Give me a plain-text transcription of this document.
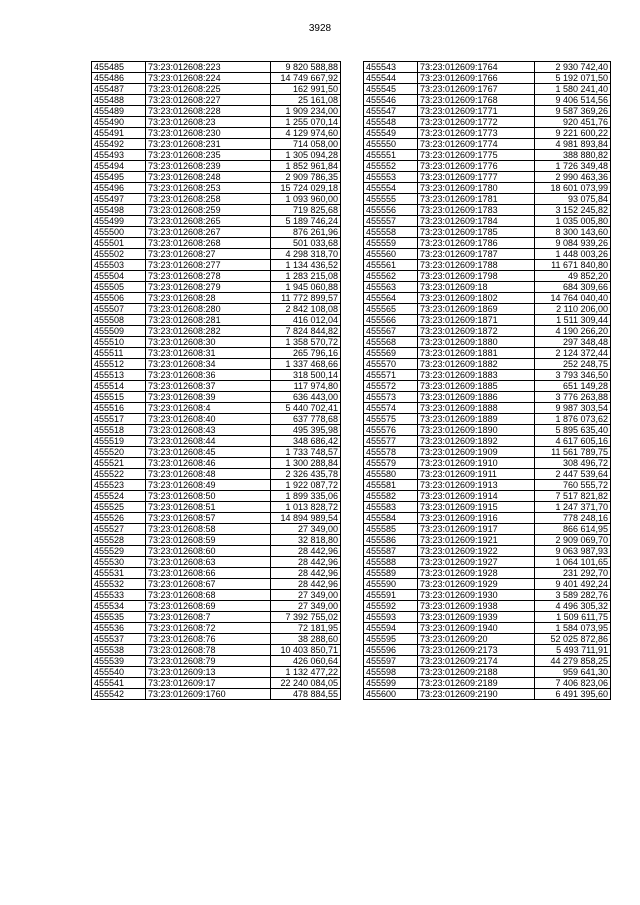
3928
455485	73:23:012608:223	9 820 588,88
455486	73:23:012608:224	14 749 667,92
455487	73:23:012608:225	162 991,50
455488	73:23:012608:227	25 161,08
455489	73:23:012608:228	1 909 234,00
455490	73:23:012608:23	1 255 070,14
455491	73:23:012608:230	4 129 974,60
455492	73:23:012608:231	714 058,00
455493	73:23:012608:235	1 305 094,28
455494	73:23:012608:239	1 852 961,84
455495	73:23:012608:248	2 909 786,35
455496	73:23:012608:253	15 724 029,18
455497	73:23:012608:258	1 093 960,00
455498	73:23:012608:259	719 825,68
455499	73:23:012608:265	5 189 746,24
455500	73:23:012608:267	876 261,96
455501	73:23:012608:268	501 033,68
455502	73:23:012608:27	4 298 318,70
455503	73:23:012608:277	1 134 436,52
455504	73:23:012608:278	1 283 215,08
455505	73:23:012608:279	1 945 060,88
455506	73:23:012608:28	11 772 899,57
455507	73:23:012608:280	2 842 108,08
455508	73:23:012608:281	416 012,04
455509	73:23:012608:282	7 824 844,82
455510	73:23:012608:30	1 358 570,72
455511	73:23:012608:31	265 796,16
455512	73:23:012608:34	1 337 468,66
455513	73:23:012608:36	318 500,14
455514	73:23:012608:37	117 974,80
455515	73:23:012608:39	636 443,00
455516	73:23:012608:4	5 440 702,41
455517	73:23:012608:40	637 778,68
455518	73:23:012608:43	495 395,98
455519	73:23:012608:44	348 686,42
455520	73:23:012608:45	1 733 748,57
455521	73:23:012608:46	1 300 288,84
455522	73:23:012608:48	2 326 435,78
455523	73:23:012608:49	1 922 087,72
455524	73:23:012608:50	1 899 335,06
455525	73:23:012608:51	1 013 828,72
455526	73:23:012608:57	14 894 989,54
455527	73:23:012608:58	27 349,00
455528	73:23:012608:59	32 818,80
455529	73:23:012608:60	28 442,96
455530	73:23:012608:63	28 442,96
455531	73:23:012608:66	28 442,96
455532	73:23:012608:67	28 442,96
455533	73:23:012608:68	27 349,00
455534	73:23:012608:69	27 349,00
455535	73:23:012608:7	7 392 755,02
455536	73:23:012608:72	72 181,95
455537	73:23:012608:76	38 288,60
455538	73:23:012608:78	10 403 850,71
455539	73:23:012608:79	426 060,64
455540	73:23:012609:13	1 132 477,22
455541	73:23:012609:17	22 240 084,05
455542	73:23:012609:1760	478 884,55
455543	73:23:012609:1764	2 930 742,40
455544	73:23:012609:1766	5 192 071,50
455545	73:23:012609:1767	1 580 241,40
455546	73:23:012609:1768	9 406 514,56
455547	73:23:012609:1771	9 587 369,26
455548	73:23:012609:1772	920 451,76
455549	73:23:012609:1773	9 221 600,22
455550	73:23:012609:1774	4 981 893,84
455551	73:23:012609:1775	388 880,82
455552	73:23:012609:1776	1 726 349,48
455553	73:23:012609:1777	2 990 463,36
455554	73:23:012609:1780	18 601 073,99
455555	73:23:012609:1781	93 075,84
455556	73:23:012609:1783	3 152 245,82
455557	73:23:012609:1784	1 035 005,80
455558	73:23:012609:1785	8 300 143,60
455559	73:23:012609:1786	9 084 939,26
455560	73:23:012609:1787	1 448 003,26
455561	73:23:012609:1788	11 671 840,80
455562	73:23:012609:1798	49 852,20
455563	73:23:012609:18	684 309,66
455564	73:23:012609:1802	14 764 040,40
455565	73:23:012609:1869	2 110 206,00
455566	73:23:012609:1871	1 511 309,44
455567	73:23:012609:1872	4 190 266,20
455568	73:23:012609:1880	297 348,48
455569	73:23:012609:1881	2 124 372,44
455570	73:23:012609:1882	252 248,75
455571	73:23:012609:1883	3 793 346,50
455572	73:23:012609:1885	651 149,28
455573	73:23:012609:1886	3 776 263,88
455574	73:23:012609:1888	9 987 303,54
455575	73:23:012609:1889	1 876 073,62
455576	73:23:012609:1890	5 895 635,40
455577	73:23:012609:1892	4 617 605,16
455578	73:23:012609:1909	11 561 789,75
455579	73:23:012609:1910	308 496,72
455580	73:23:012609:1911	2 447 539,64
455581	73:23:012609:1913	760 555,72
455582	73:23:012609:1914	7 517 821,82
455583	73:23:012609:1915	1 247 371,70
455584	73:23:012609:1916	778 248,16
455585	73:23:012609:1917	866 614,95
455586	73:23:012609:1921	2 909 069,70
455587	73:23:012609:1922	9 063 987,93
455588	73:23:012609:1927	1 064 101,65
455589	73:23:012609:1928	231 292,70
455590	73:23:012609:1929	9 401 492,24
455591	73:23:012609:1930	3 589 282,76
455592	73:23:012609:1938	4 496 305,32
455593	73:23:012609:1939	1 509 611,75
455594	73:23:012609:1940	1 584 073,95
455595	73:23:012609:20	52 025 872,86
455596	73:23:012609:2173	5 493 711,91
455597	73:23:012609:2174	44 279 858,25
455598	73:23:012609:2188	959 641,30
455599	73:23:012609:2189	7 406 823,06
455600	73:23:012609:2190	6 491 395,60
